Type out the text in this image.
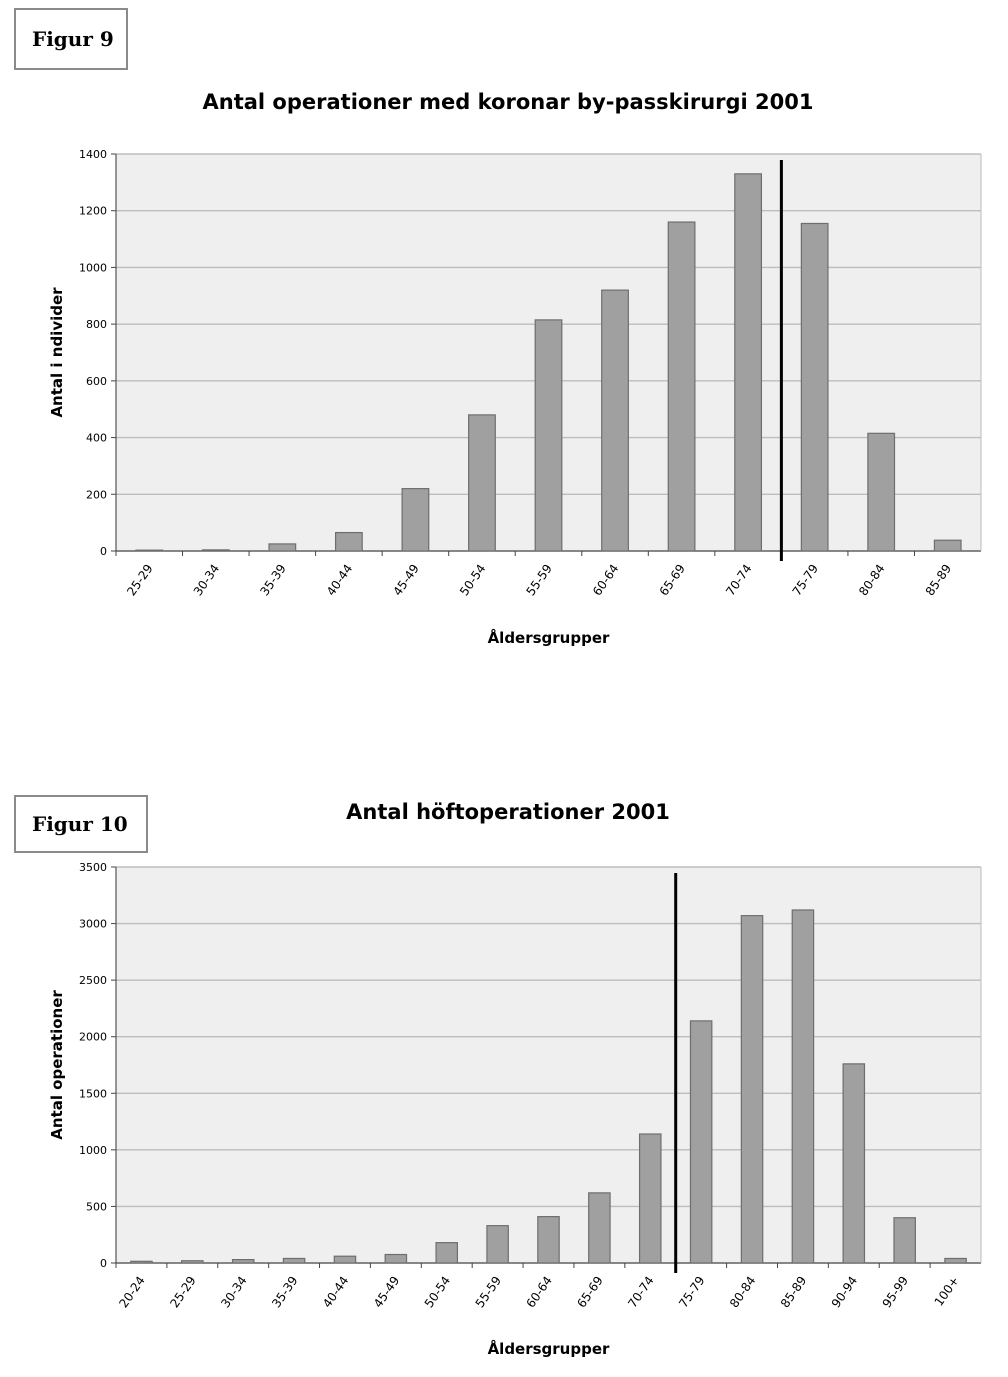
Figur 9
0
200
400
600
800
1000
1200
1400
25-29	30-34	35-39	40-44	45-49	50-54	55-59	60-64	65-69	70-74	75-79	80-84	85-89
Antal operationer med koronar by-passkirurgi 2001
Åldersgrupper
Antal i ndivider
Figur 10
0
500
1000
1500
2000
2500
3000
3500
20-24 25-29 30-34 35-39 40-44 45-49 50-54 55-59 60-64 65-69 70-74 75-79 80-84 85-89 90-94 95-99 100+
Antal höftoperationer 2001
Åldersgrupper
Antal operationer
